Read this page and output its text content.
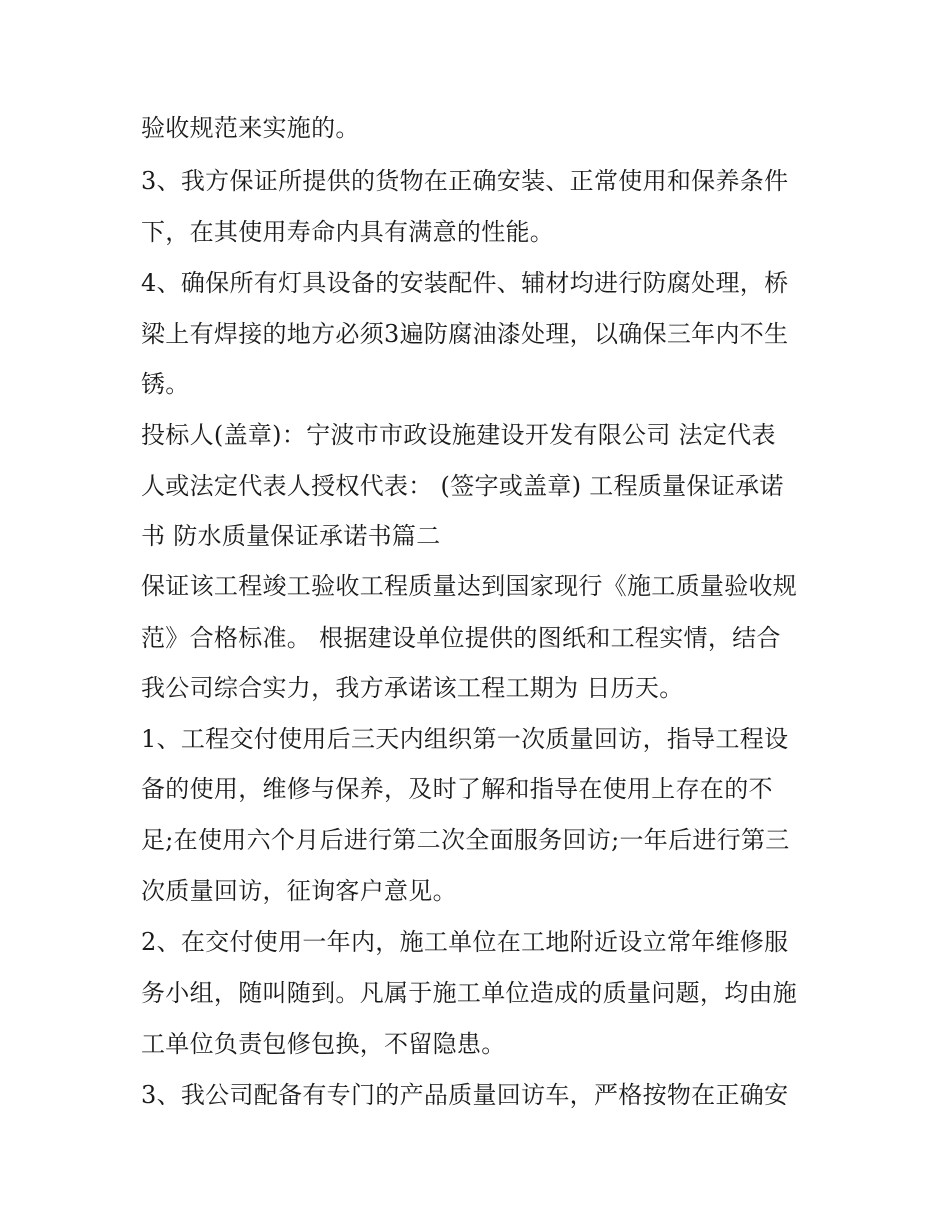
验收规范来实施的。
3、我方保证所提供的货物在正确安装、正常使用和保养条件
下，在其使用寿命内具有满意的性能。
4、确保所有灯具设备的安装配件、辅材均进行防腐处理，桥
梁上有焊接的地方必须3遍防腐油漆处理，以确保三年内不生
锈。
投标人(盖章)：宁波市市政设施建设开发有限公司 法定代表
人或法定代表人授权代表： (签字或盖章) 工程质量保证承诺
书 防水质量保证承诺书篇二
保证该工程竣工验收工程质量达到国家现行《施工质量验收规
范》合格标准。 根据建设单位提供的图纸和工程实情，结合
我公司综合实力，我方承诺该工程工期为 日历天。
1、工程交付使用后三天内组织第一次质量回访，指导工程设
备的使用，维修与保养，及时了解和指导在使用上存在的不
足;在使用六个月后进行第二次全面服务回访;一年后进行第三
次质量回访，征询客户意见。
2、在交付使用一年内，施工单位在工地附近设立常年维修服
务小组，随叫随到。凡属于施工单位造成的质量问题，均由施
工单位负责包修包换，不留隐患。
3、我公司配备有专门的产品质量回访车，严格按物在正确安
